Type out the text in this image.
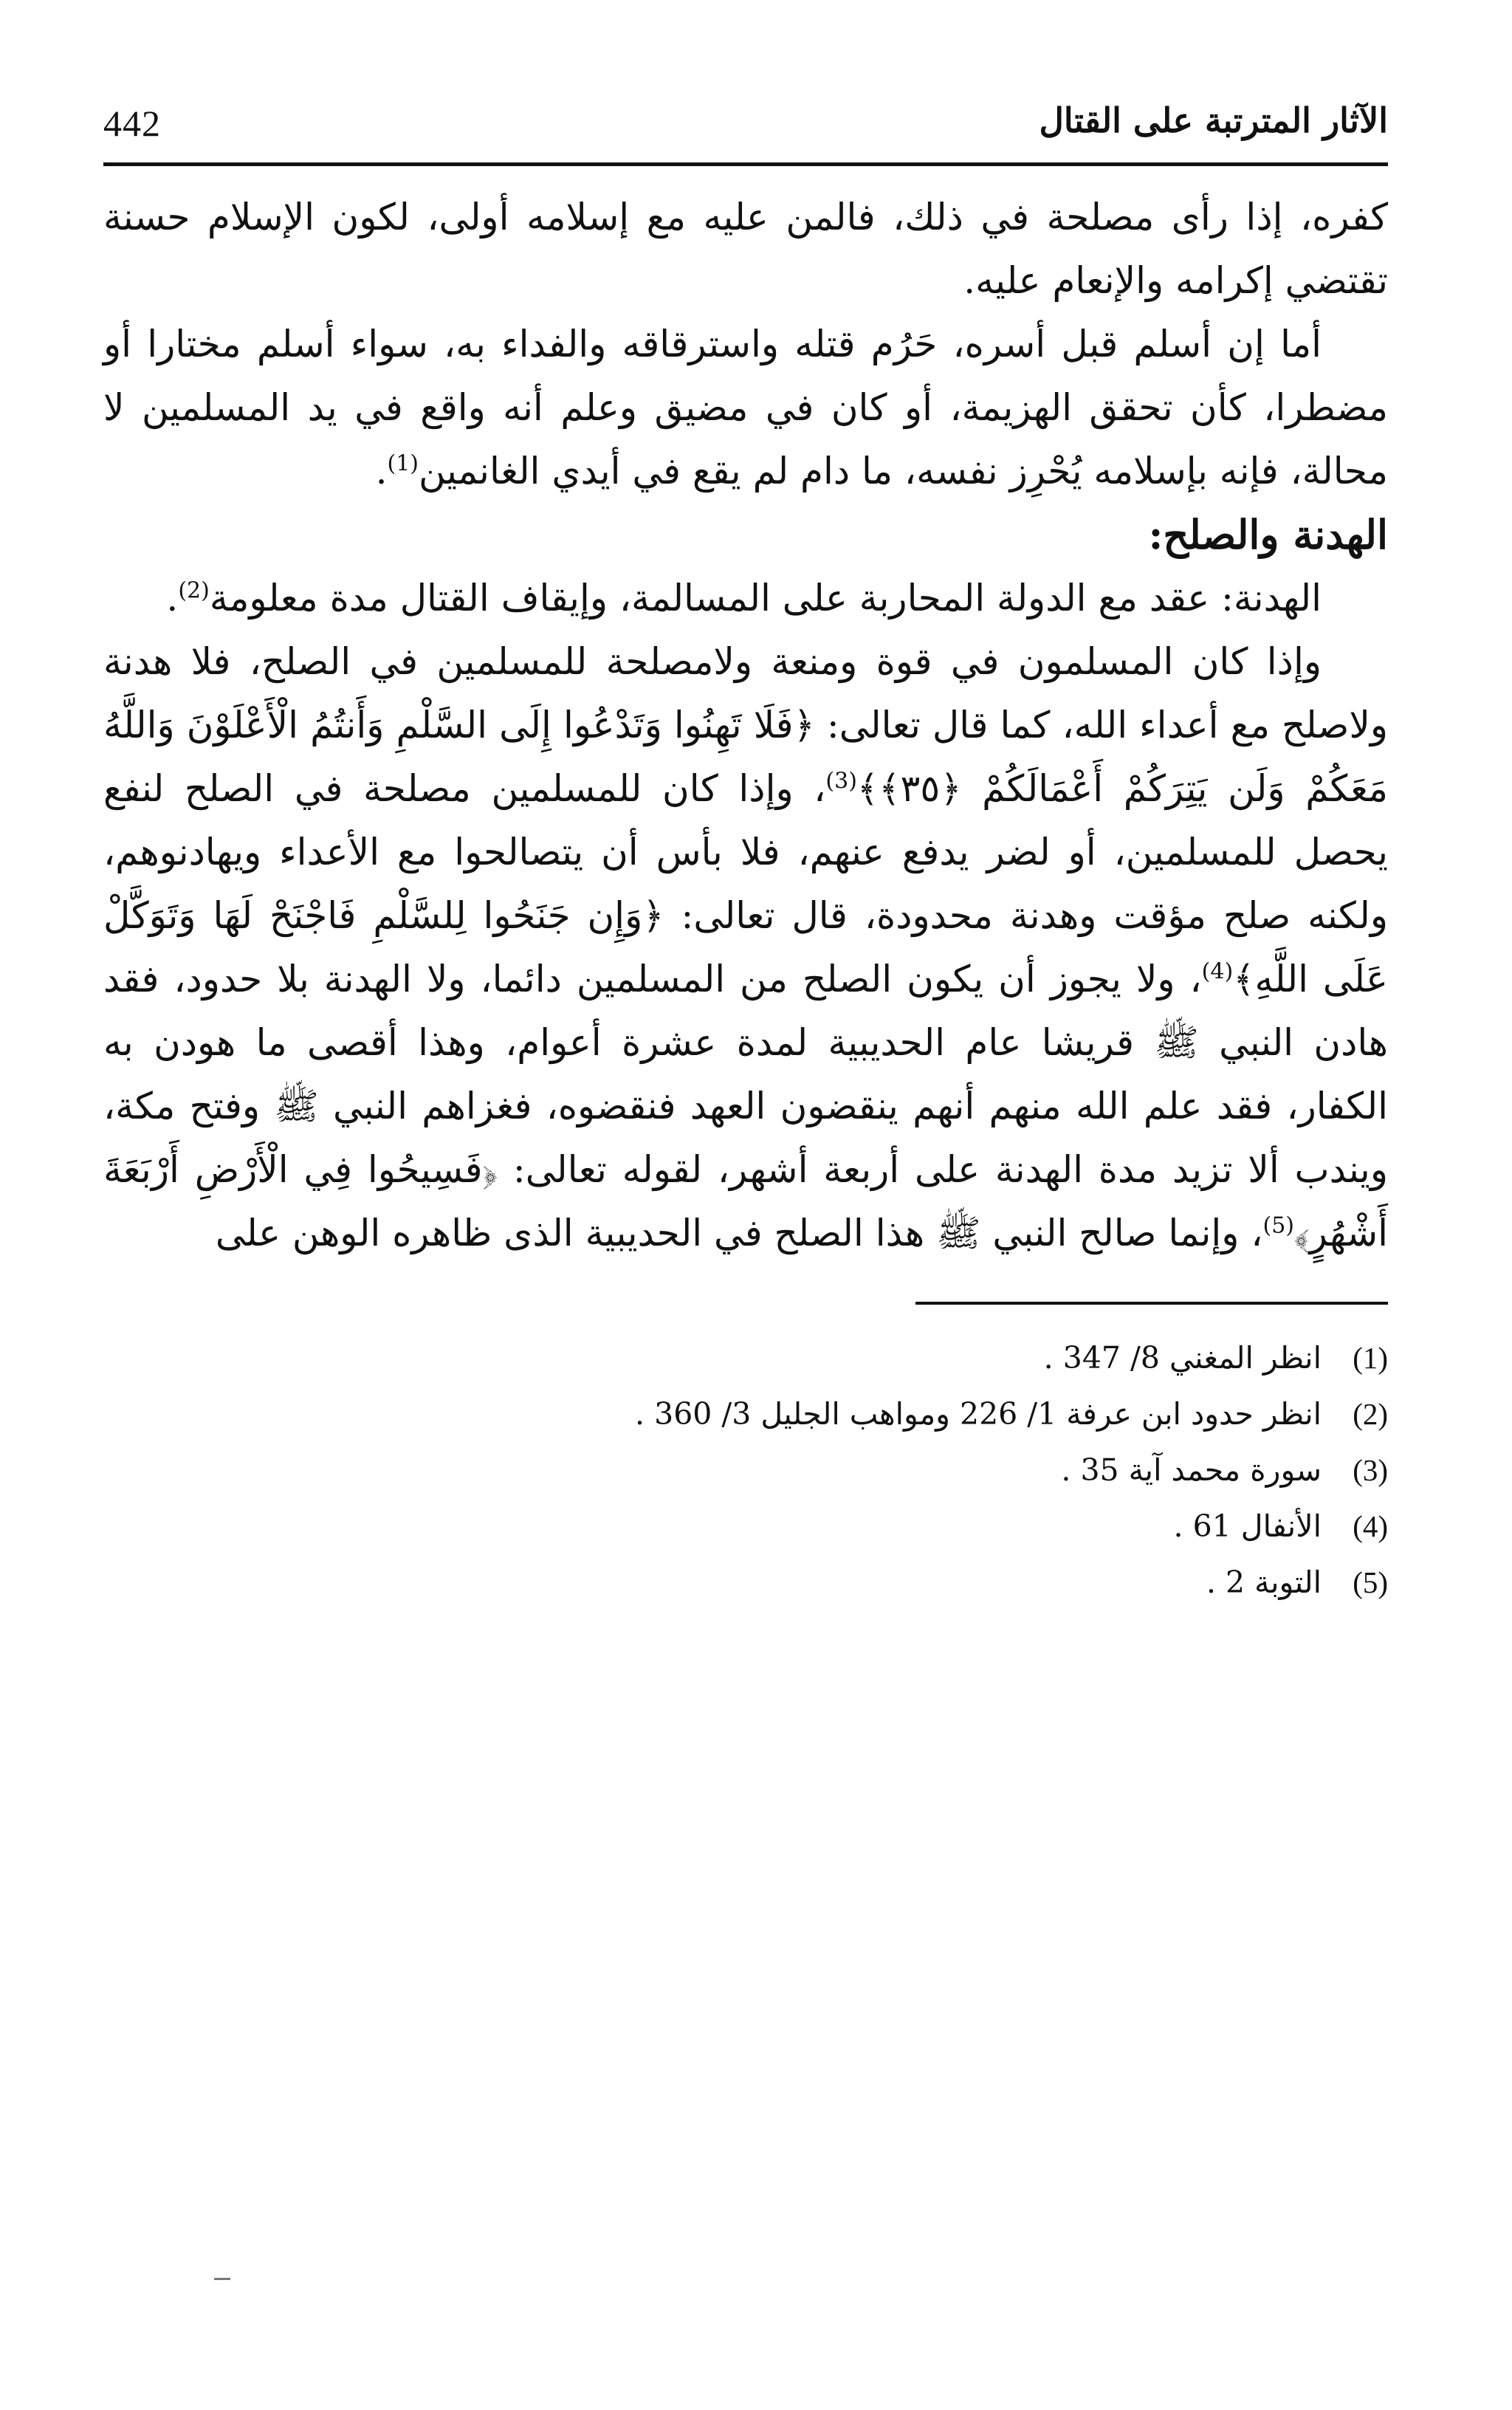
442	الآثار المترتبة على القتال

كفره، إذا رأى مصلحة في ذلك، فالمن عليه مع إسلامه أولى، لكون الإسلام حسنة تقتضي إكرامه والإنعام عليه.

أما إن أسلم قبل أسره، حَرُم قتله واسترقاقه والفداء به، سواء أسلم مختارا أو مضطرا، كأن تحقق الهزيمة، أو كان في مضيق وعلم أنه واقع في يد المسلمين لا محالة، فإنه بإسلامه يُحْرِز نفسه، ما دام لم يقع في أيدي الغانمين$^{(1)}$.

الهدنة والصلح:

الهدنة: عقد مع الدولة المحاربة على المسالمة، وإيقاف القتال مدة معلومة$^{(2)}$.

وإذا كان المسلمون في قوة ومنعة ولامصلحة للمسلمين في الصلح، فلا هدنة ولاصلح مع أعداء الله، كما قال تعالى: ﴿فَلَا تَهِنُوا وَتَدْعُوا إِلَى السَّلْمِ وَأَنتُمُ الْأَعْلَوْنَ وَاللَّهُ مَعَكُمْ وَلَن يَتِرَكُمْ أَعْمَالَكُمْ ﴿٣٥﴾﴾$^{(3)}$، وإذا كان للمسلمين مصلحة في الصلح لنفع يحصل للمسلمين، أو لضر يدفع عنهم، فلا بأس أن يتصالحوا مع الأعداء ويهادنوهم، ولكنه صلح مؤقت وهدنة محدودة، قال تعالى: ﴿وَإِن جَنَحُوا لِلسَّلْمِ فَاجْنَحْ لَهَا وَتَوَكَّلْ عَلَى اللَّهِ﴾$^{(4)}$، ولا يجوز أن يكون الصلح من المسلمين دائما، ولا الهدنة بلا حدود، فقد هادن النبي ﷺ قريشا عام الحديبية لمدة عشرة أعوام، وهذا أقصى ما هودن به الكفار، فقد علم الله منهم أنهم ينقضون العهد فنقضوه، فغزاهم النبي ﷺ وفتح مكة، ويندب ألا تزيد مدة الهدنة على أربعة أشهر، لقوله تعالى: ﴿فَسِيحُوا فِي الْأَرْضِ أَرْبَعَةَ أَشْهُرٍ﴾$^{(5)}$، وإنما صالح النبي ﷺ هذا الصلح في الحديبية الذى ظاهره الوهن على

(1)
انظر المغني 8/ 347 .
(2)
انظر حدود ابن عرفة 1/ 226 ومواهب الجليل 3/ 360 .
(3)
سورة محمد آية 35 .
(4)
الأنفال 61 .
(5)
التوبة 2 .
